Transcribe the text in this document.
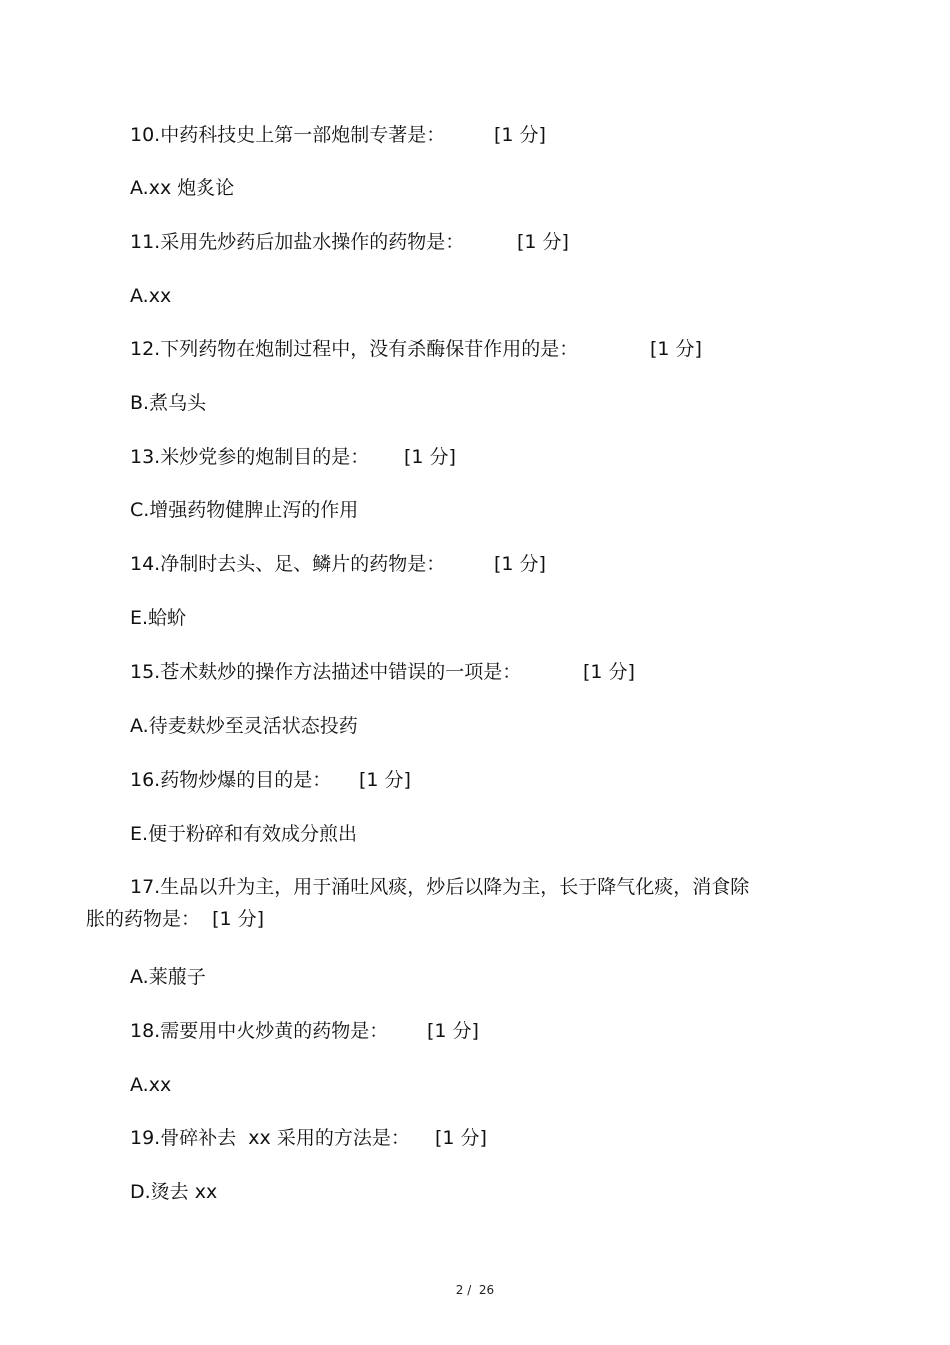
10.中药科技史上第一部炮制专著是：	[1 分]
A.xx 炮炙论
11.采用先炒药后加盐水操作的药物是：	[1 分]
A.xx
12.下列药物在炮制过程中，没有杀酶保苷作用的是：	[1 分]
B.煮乌头
13.米炒党参的炮制目的是： [1 分]
C.增强药物健脾止泻的作用
14.净制时去头、足、鳞片的药物是：	[1 分]
E.蛤蚧
15.苍术麸炒的操作方法描述中错误的一项是：	[1 分]
A.待麦麸炒至灵活状态投药
16.药物炒爆的目的是： [1 分]
E.便于粉碎和有效成分煎出
17.生品以升为主，用于涌吐风痰，炒后以降为主，长于降气化痰，消食除
胀的药物是： [1 分]
A.莱菔子
18.需要用中火炒黄的药物是： [1 分]
A.xx
19.骨碎补去  xx 采用的方法是： [1 分]
D.烫去 xx
2 /  26
